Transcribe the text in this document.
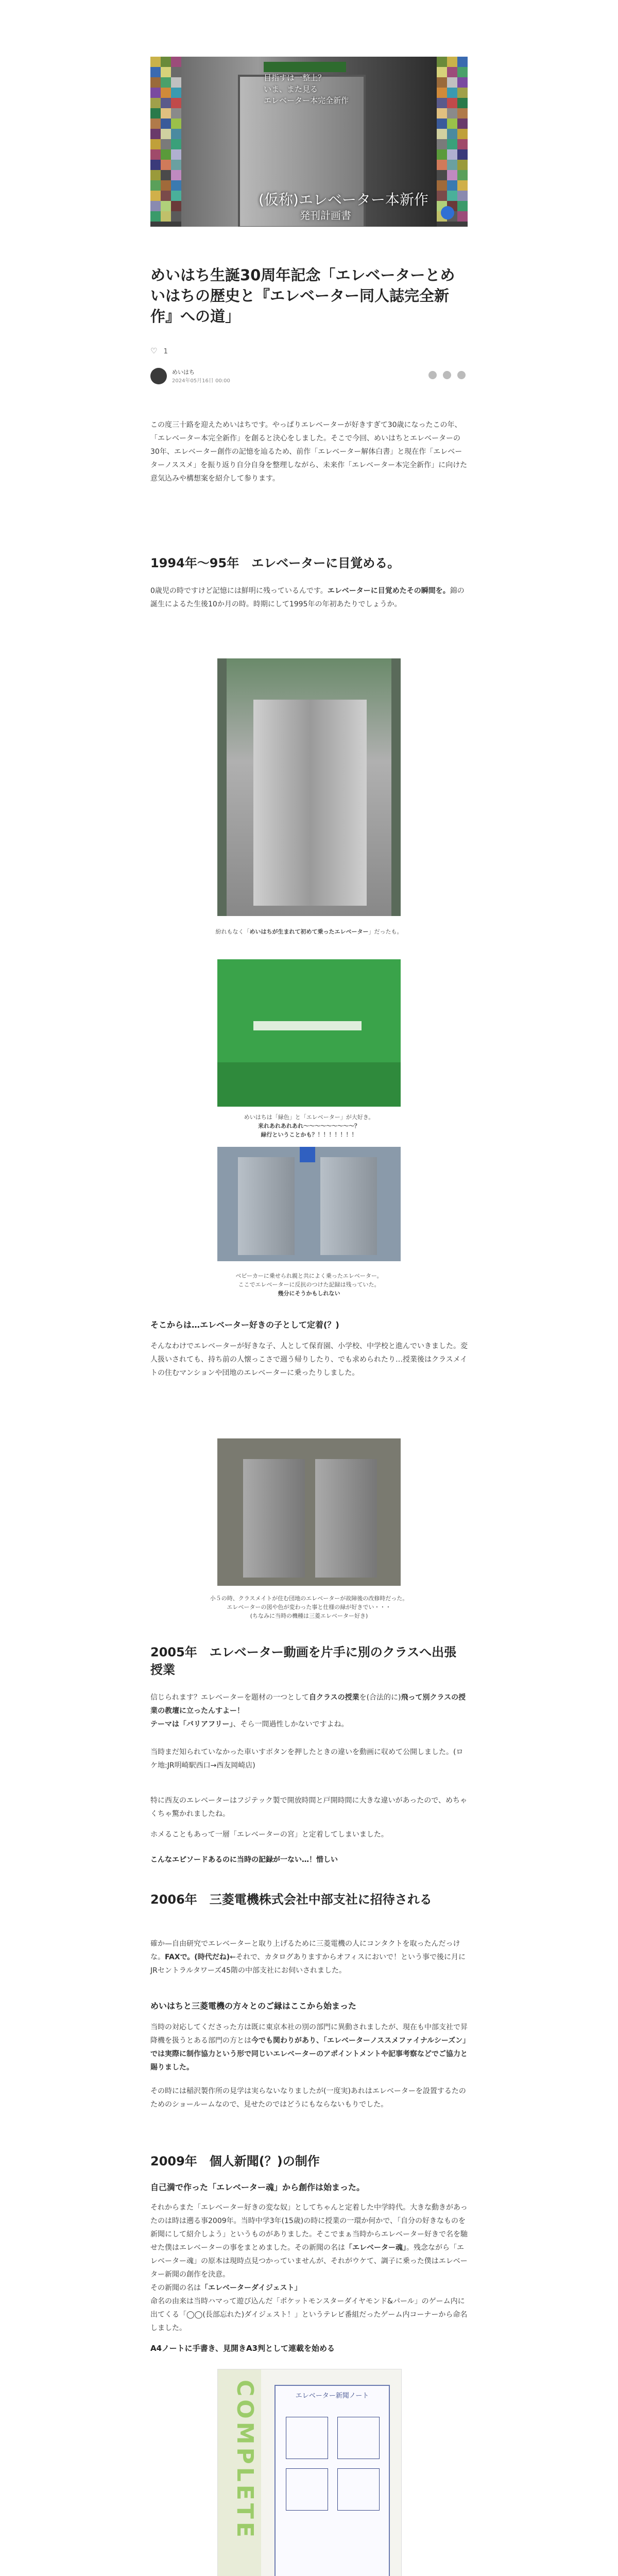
目指すは一整上？
いま、また見る
エレベーター本完全新作
(仮称)エレベーター本新作
発刊計画書
めいはち生誕30周年記念「エレベーターとめいはちの歴史と『エレベーター同人誌完全新作』への道」
♡ 1
めいはち
2024年05月16日 00:00

この度三十路を迎えためいはちです。やっぱりエレベーターが好きすぎて30歳になったこの年、「エレベーター本完全新作」を創ると決心をしました。そこで今回、めいはちとエレベーターの30年、エレベーター創作の記憶を辿るため、前作「エレベーター解体白書」と現在作「エレベーターノススメ」を振り返り自分自身を整理しながら、未来作「エレベーター本完全新作」に向けた意気込みや構想案を紹介して参ります。

1994年〜95年　エレベーターに目覚める。

0歳児の時ですけど記憶には鮮明に残っているんです。エレベーターに目覚めたその瞬間を。錦の誕生によるた生後10か月の時。時期にして1995年の年初あたりでしょうか。

紛れもなく「めいはちが生まれて初めて乗ったエレベーター」だったも。

めいはちは「緑色」と「エレベーター」が大好き。
来れあれあれあれ〜〜〜〜〜〜〜〜〜？
緑行ということかも？！！！！！！！

ベビーカーに乗せられ親と共によく乗ったエレベーター。
ここでエレベーターに反抗のつけた記録は残っていた。
幾分にそうかもしれない

そこからは…エレベーター好きの子として定着(？)

そんなわけでエレベーターが好きな子、人として保育園、小学校、中学校と進んでいきました。変人扱いされても、持ち前の人懐っこさで週う帰りしたり、でも求められたり…授業後はクラスメイトの住むマンションや団地のエレベーターに乗ったりしました。

小５の時、クラスメイトが住む団地のエレベーターが故障後の改修時だった。
エレベーターの図や色が変わった事と仕様の緑が好きでい・・・
(ちなみに当時の機種は三菱エレベーター好き)

2005年　エレベーター動画を片手に別のクラスへ出張授業

信じられます？エレベーターを題材の一つとして自クラスの授業を(合法的に)飛って別クラスの授業の教壇に立ったんすよー！
テーマは「バリアフリー」、そら一間過性しかないですよね。

当時まだ知られていなかった車いすボタンを押したときの違いを動画に収めて公開しました。(ロケ地:JR明崎駅西口→西友岡崎店)

特に西友のエレベーターはフジテック製で開放時間と戸開時間に大きな違いがあったので、めちゃくちゃ驚かれましたね。

ホメることもあって一層「エレベーターの宮」と定着してしまいました。

こんなエピソードあるのに当時の記録が一ない…！惜しい
2006年　三菱電機株式会社中部支社に招待される

確か—自由研究でエレベーターと取り上げるために三菱電機の人にコンタクトを取ったんだっけな。FAXで。(時代だね)←それで、カタログありますからオフィスにおいで！という事で後に月にJRセントラルタワーズ45階の中部支社にお伺いされました。

めいはちと三菱電機の方々とのご縁はここから始まった

当時の対応してくださった方は既に東京本社の別の部門に異動されましたが、現在も中部支社で昇降機を扱うとある部門の方とは今でも関わりがあり、「エレベーターノススメファイナルシーズン」では実際に制作協力という形で同じいエレベーターのアポイントメントや記事考察などでご協力と賜りました。

その時には稲沢製作所の見学は実らないなりましたが(一度実)あれはエレベーターを設置するたのためのショールームなので、見せたのではどうにもならないもりでした。

2009年　個人新聞(？)の制作
自己満で作った「エレベーター魂」から創作は始まった。

それからまた「エレベーター好きの変な奴」としてちゃんと定着した中学時代。大きな動きがあったのは時は遡る事2009年。当時中学3年(15歳)の時に授業の一環か何かで、「自分の好きなものを新聞にして紹介しよう」というものがありました。そこでまぁ当時からエレベーター好きで名を馳せた僕はエレベーターの事をまとめました。その新聞の名は「エレベーター魂」。残念ながら「エレベーター魂」の原本は現時点見つかっていませんが、それがウケて、調子に乗った僕はエレベーター新聞の創作を決意。

その新聞の名は「エレベーターダイジェスト」

命名の由来は当時ハマって遊び込んだ「ポケットモンスターダイヤモンド&パール」のゲーム内に出てくる「◯◯(長部忘れた)ダイジェスト！」というテレビ番組だったゲーム内コーナーから命名しました。

A4ノートに手書き、見開きA3判として連載を始める
COMPLETE	エレベーター新聞ノート
